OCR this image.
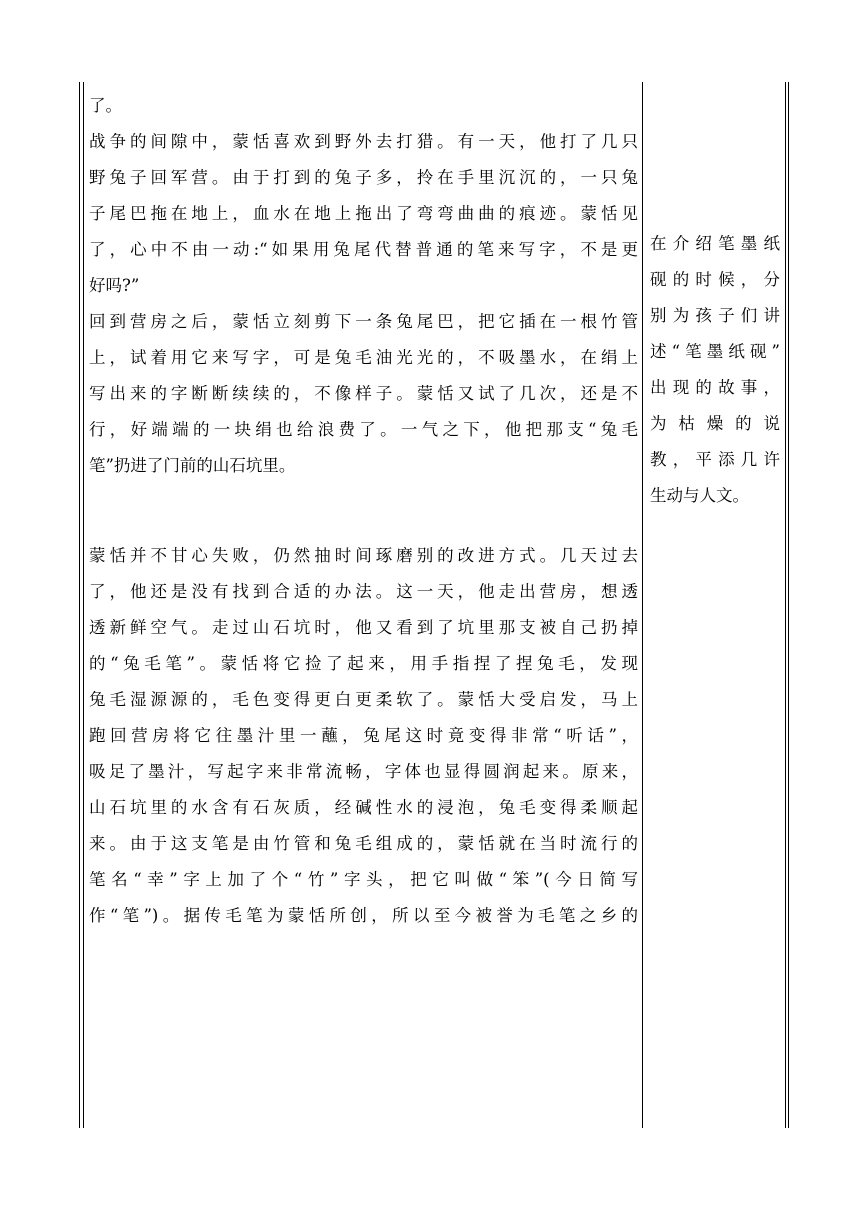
了。
战争的间隙中，蒙恬喜欢到野外去打猎。有一天，他打了几只
野兔子回军营。由于打到的兔子多，拎在手里沉沉的，一只兔
子尾巴拖在地上，血水在地上拖出了弯弯曲曲的痕迹。蒙恬见
了，心中不由一动:“如果用兔尾代替普通的笔来写字，不是更
好吗?”
回到营房之后，蒙恬立刻剪下一条兔尾巴，把它插在一根竹管
上，试着用它来写字，可是兔毛油光光的，不吸墨水，在绢上
写出来的字断断续续的，不像样子。蒙恬又试了几次，还是不
行，好端端的一块绢也给浪费了。一气之下，他把那支“兔毛
笔”扔进了门前的山石坑里。
蒙恬并不甘心失败，仍然抽时间琢磨别的改进方式。几天过去
了，他还是没有找到合适的办法。这一天，他走出营房，想透
透新鲜空气。走过山石坑时，他又看到了坑里那支被自己扔掉
的“兔毛笔”。蒙恬将它捡了起来，用手指捏了捏兔毛，发现
兔毛湿源源的，毛色变得更白更柔软了。蒙恬大受启发，马上
跑回营房将它往墨汁里一蘸，兔尾这时竟变得非常“听话”，
吸足了墨汁，写起字来非常流畅，字体也显得圆润起来。原来，
山石坑里的水含有石灰质，经碱性水的浸泡，兔毛变得柔顺起
来。由于这支笔是由竹管和兔毛组成的，蒙恬就在当时流行的
笔名“幸”字上加了个“竹”字头，把它叫做“笨”(今日简写
作“笔”)。据传毛笔为蒙恬所创，所以至今被誉为毛笔之乡的
在介绍笔墨纸
砚的时候，分
别为孩子们讲
述“笔墨纸砚”
出现的故事，
为枯燥的说
教，平添几许
生动与人文。
